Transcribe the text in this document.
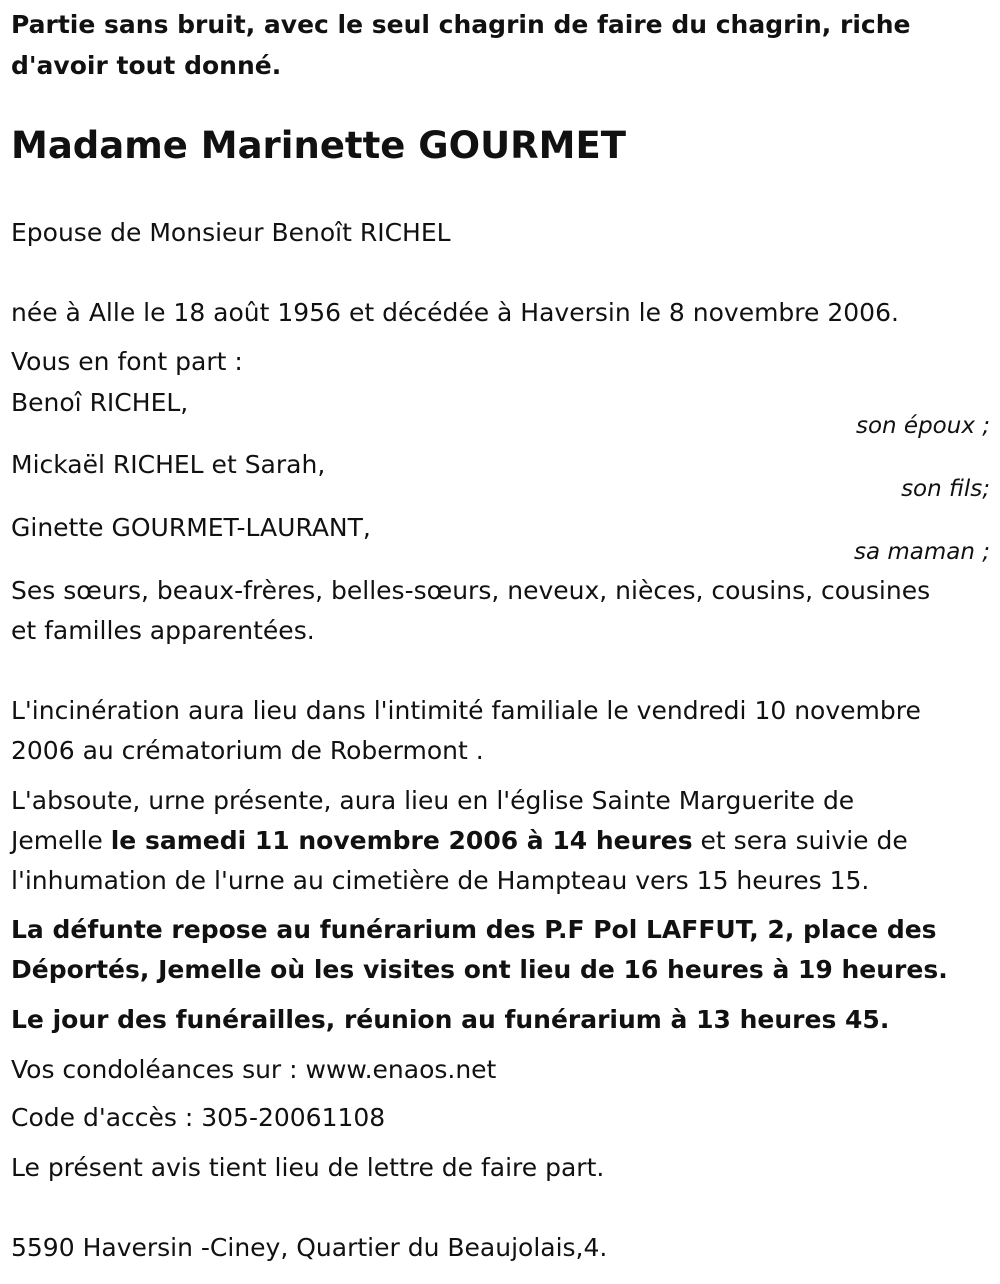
Partie sans bruit, avec le seul chagrin de faire du chagrin, riche

d'avoir tout donné.

Madame Marinette GOURMET

Epouse de Monsieur Benoît RICHEL

née à Alle le 18 août 1956 et décédée à Haversin le 8 novembre 2006.

Vous en font part :

Benoî RICHEL,

son époux ;

Mickaël RICHEL et Sarah,

son fils;

Ginette GOURMET-LAURANT,

sa maman ;

Ses sœurs, beaux-frères, belles-sœurs, neveux, nièces, cousins, cousines

et familles apparentées.

L'incinération aura lieu dans l'intimité familiale le vendredi 10 novembre

2006 au crématorium de Robermont .

L'absoute, urne présente, aura lieu en l'église Sainte Marguerite de

Jemelle le samedi 11 novembre 2006 à 14 heures et sera suivie de

l'inhumation de l'urne au cimetière de Hampteau vers 15 heures 15.

La défunte repose au funérarium des P.F Pol LAFFUT, 2, place des

Déportés, Jemelle où les visites ont lieu de 16 heures à 19 heures.

Le jour des funérailles, réunion au funérarium à 13 heures 45.

Vos condoléances sur : www.enaos.net

Code d'accès : 305-20061108

Le présent avis tient lieu de lettre de faire part.

5590 Haversin -Ciney, Quartier du Beaujolais,4.
